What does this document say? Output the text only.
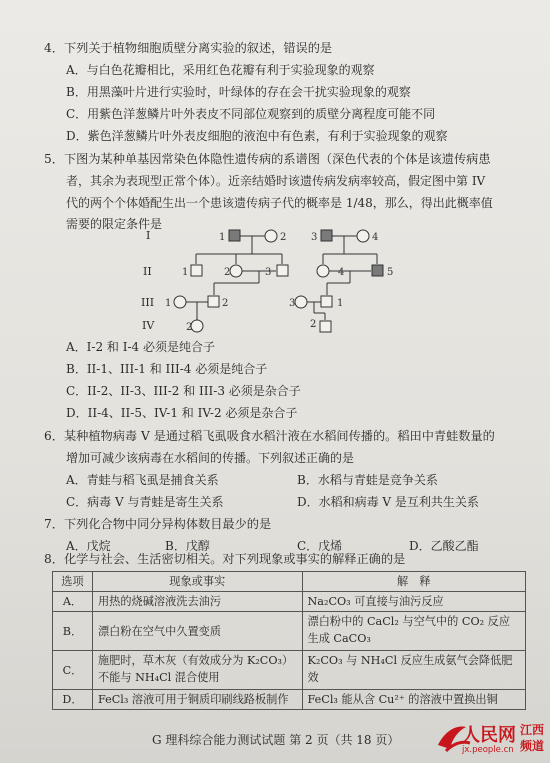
4．下列关于植物细胞质壁分离实验的叙述，错误的是
A．与白色花瓣相比，采用红色花瓣有利于实验现象的观察
B．用黑藻叶片进行实验时，叶绿体的存在会干扰实验现象的观察
C．用紫色洋葱鳞片叶外表皮不同部位观察到的质壁分离程度可能不同
D．紫色洋葱鳞片叶外表皮细胞的液泡中有色素，有利于实验现象的观察
5．下图为某种单基因常染色体隐性遗传病的系谱图（深色代表的个体是该遗传病患
者，其余为表现型正常个体）。近亲结婚时该遗传病发病率较高，假定图中第 IV
代的两个个体婚配生出一个患该遗传病子代的概率是 1/48，那么，得出此概率值
需要的限定条件是
I
II
III
IV
1	2 3	4
1	2	3	4	5
1	2	3	1
2	2
A．I-2 和 I-4 必须是纯合子
B．II-1、III-1 和 III-4 必须是纯合子
C．II-2、II-3、III-2 和 III-3 必须是杂合子
D．II-4、II-5、IV-1 和 IV-2 必须是杂合子
6．某种植物病毒 V 是通过稻飞虱吸食水稻汁液在水稻间传播的。稻田中青蛙数量的
增加可减少该病毒在水稻间的传播。下列叙述正确的是
A．青蛙与稻飞虱是捕食关系	B．水稻与青蛙是竞争关系
C．病毒 V 与青蛙是寄生关系	D．水稻和病毒 V 是互利共生关系
7．下列化合物中同分异构体数目最少的是
A．戊烷	B．戊醇	C．戊烯	D．乙酸乙酯
8．化学与社会、生活密切相关。对下列现象或事实的解释正确的是
选项	现象或事实	解　释
A．	用热的烧碱溶液洗去油污	Na₂CO₃ 可直接与油污反应
B．	漂白粉在空气中久置变质	漂白粉中的 CaCl₂ 与空气中的 CO₂ 反应生成 CaCO₃
C．	施肥时，草木灰（有效成分为 K₂CO₃）不能与 NH₄Cl 混合使用	K₂CO₃ 与 NH₄Cl 反应生成氨气会降低肥效
D．	FeCl₃ 溶液可用于铜质印刷线路板制作	FeCl₃ 能从含 Cu²⁺ 的溶液中置换出铜
G 理科综合能力测试试题 第 2 页（共 18 页）	人民网 江西
频道
jx.people.cn
